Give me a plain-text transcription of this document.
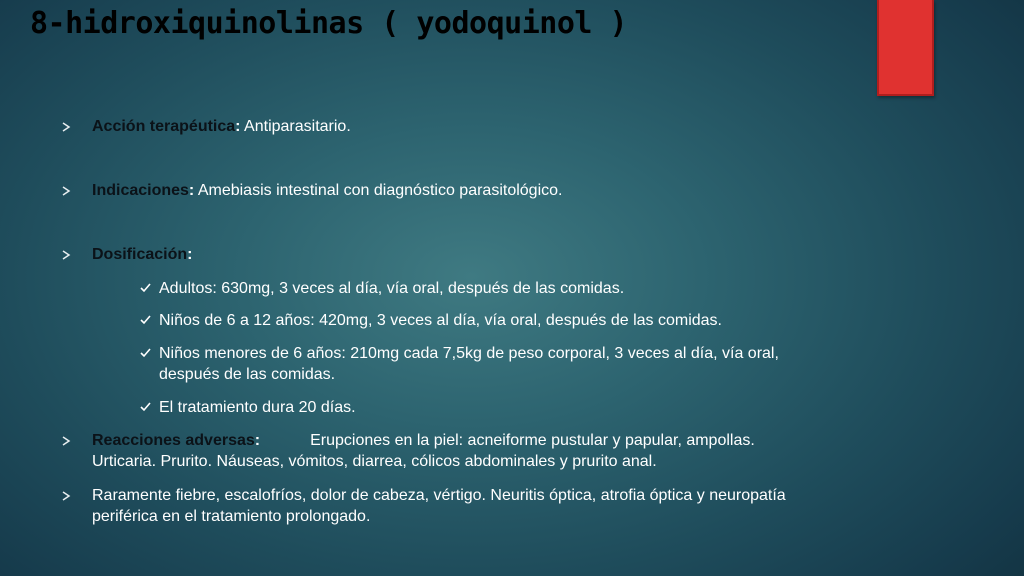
8-hidroxiquinolinas ( yodoquinol )
Acción terapéutica: Antiparasitario.
Indicaciones: Amebiasis intestinal con diagnóstico parasitológico.
Dosificación:
Adultos: 630mg, 3 veces al día, vía oral, después de las comidas.
Niños de 6 a 12 años: 420mg, 3 veces al día, vía oral, después de las comidas.
Niños menores de 6 años: 210mg cada 7,5kg de peso corporal, 3 veces al día, vía oral,
después de las comidas.
El tratamiento dura 20 días.
Reacciones adversas:	Erupciones en la piel: acneiforme pustular y papular, ampollas.
Urticaria. Prurito. Náuseas, vómitos, diarrea, cólicos abdominales y prurito anal.
Raramente fiebre, escalofríos, dolor de cabeza, vértigo. Neuritis óptica, atrofia óptica y neuropatía
periférica en el tratamiento prolongado.
